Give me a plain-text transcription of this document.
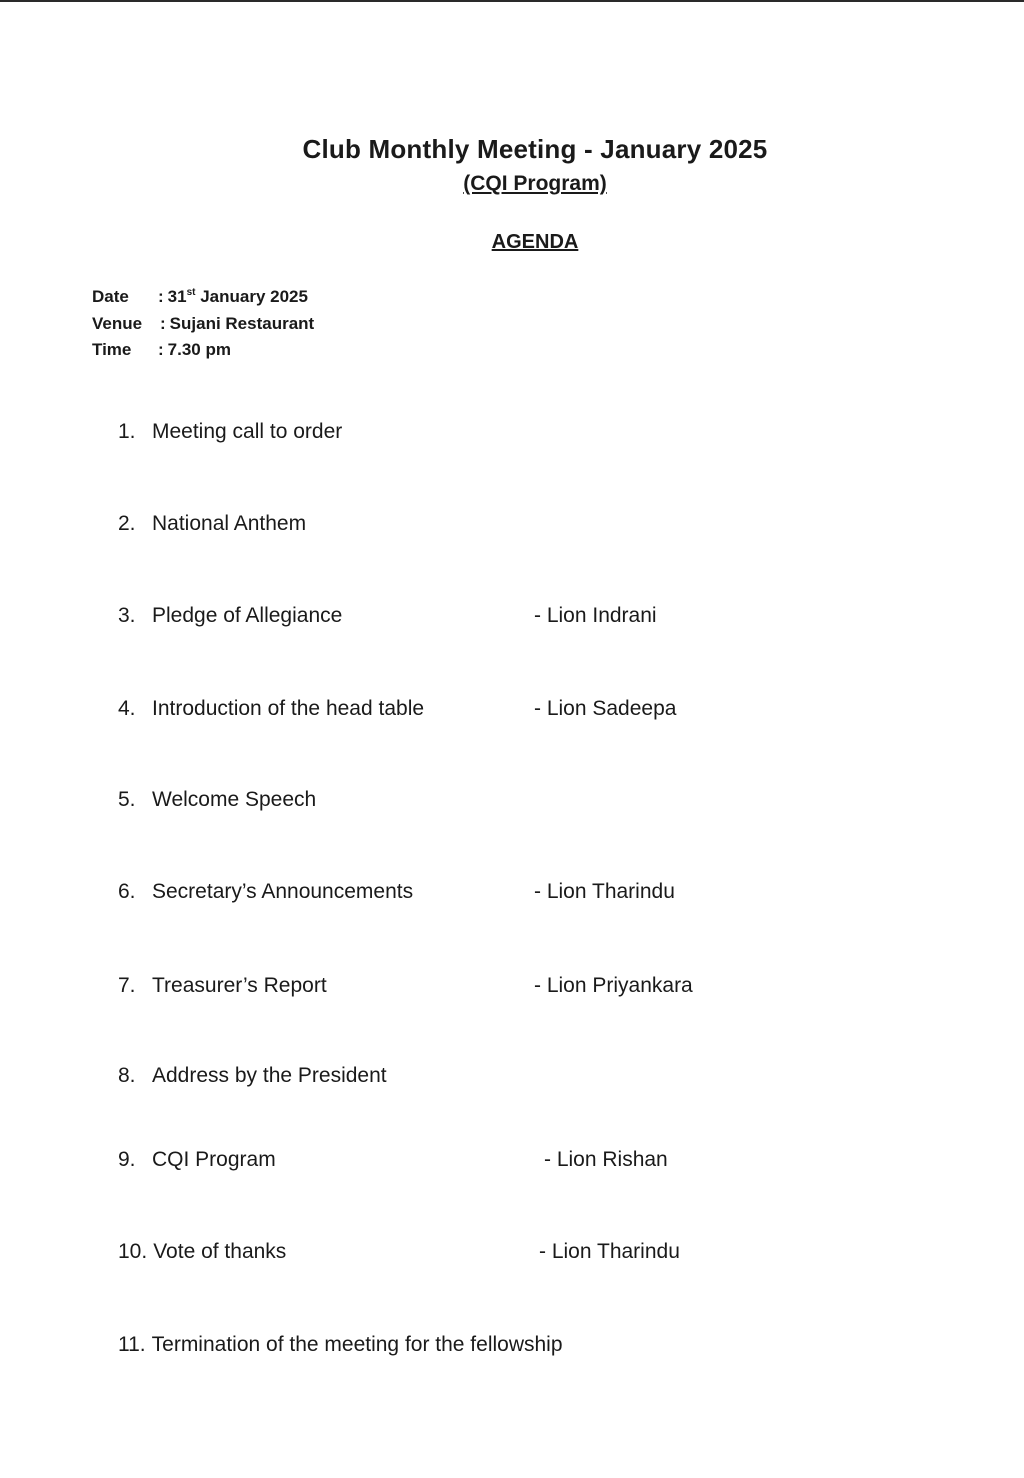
Club Monthly Meeting - January 2025
(CQI Program)
AGENDA
Date : 31st January 2025
Venue : Sujani Restaurant
Time : 7.30 pm
1. Meeting call to order
2. National Anthem
3. Pledge of Allegiance	- Lion Indrani
4. Introduction of the head table	- Lion Sadeepa
5. Welcome Speech
6. Secretary’s Announcements	- Lion Tharindu
7. Treasurer’s Report	- Lion Priyankara
8. Address by the President
9. CQI Program	- Lion Rishan
10. Vote of thanks	- Lion Tharindu
11. Termination of the meeting for the fellowship
